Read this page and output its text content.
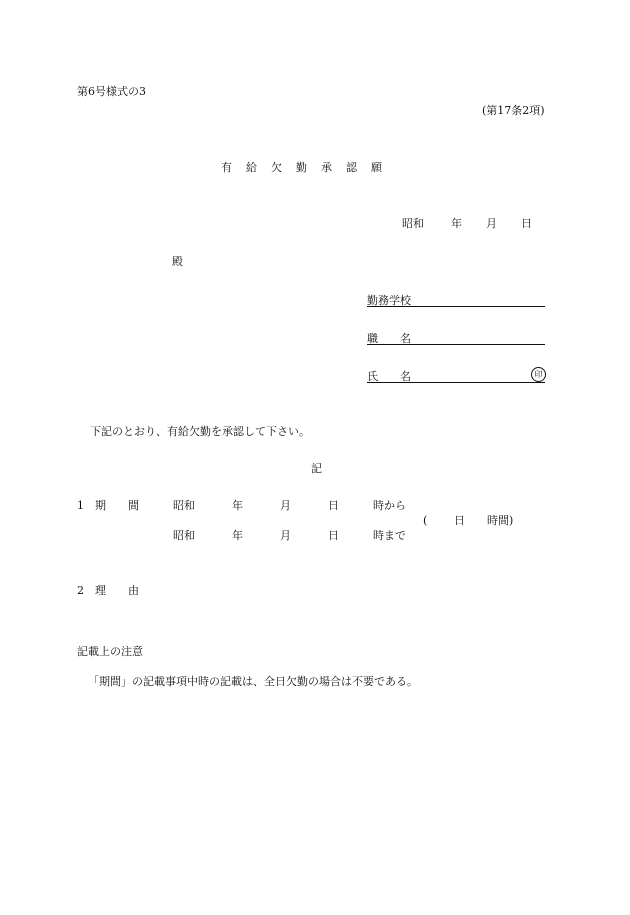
第6号様式の3
(第17条2項)
有給欠勤承認願
昭和 年 月 日
殿
勤務学校
職　　名
氏　　名	印
下記のとおり、有給欠勤を承認して下さい。
記
1 期　　間	昭和	年	月	日	時から
( 日 時間)
昭和	年	月	日	時まで
2 理　　由
記載上の注意
「期間」の記載事項中時の記載は、全日欠勤の場合は不要である。
